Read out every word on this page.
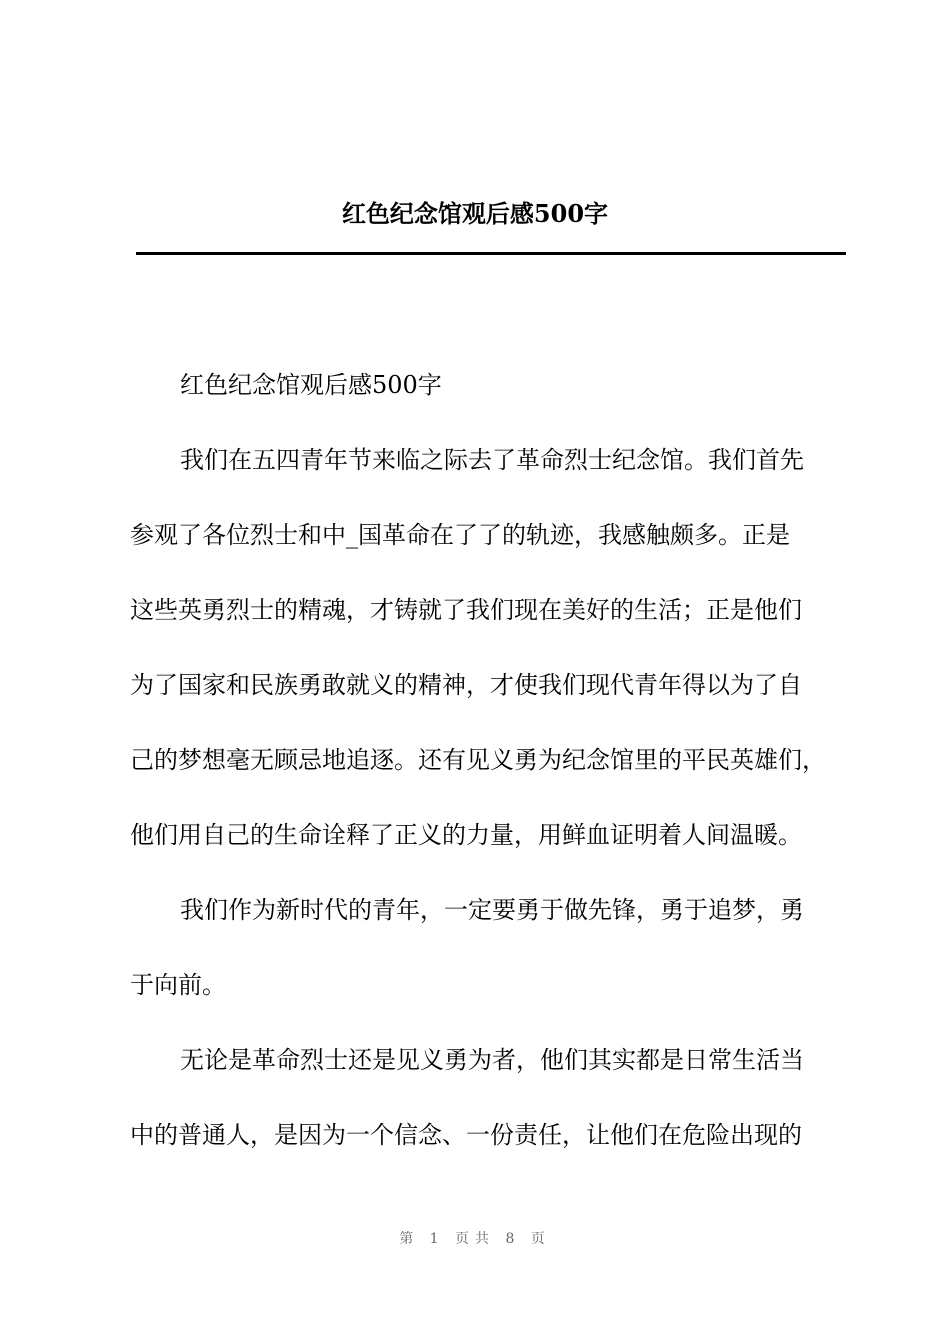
红色纪念馆观后感500字
红色纪念馆观后感500字
我们在五四青年节来临之际去了革命烈士纪念馆。我们首先
参观了各位烈士和中_国革命在了了的轨迹，我感触颇多。正是
这些英勇烈士的精魂，才铸就了我们现在美好的生活；正是他们
为了国家和民族勇敢就义的精神，才使我们现代青年得以为了自
己的梦想毫无顾忌地追逐。还有见义勇为纪念馆里的平民英雄们，
他们用自己的生命诠释了正义的力量，用鲜血证明着人间温暖。
我们作为新时代的青年，一定要勇于做先锋，勇于追梦，勇
于向前。
无论是革命烈士还是见义勇为者，他们其实都是日常生活当
中的普通人，是因为一个信念、一份责任，让他们在危险出现的
第 1 页共 8 页
